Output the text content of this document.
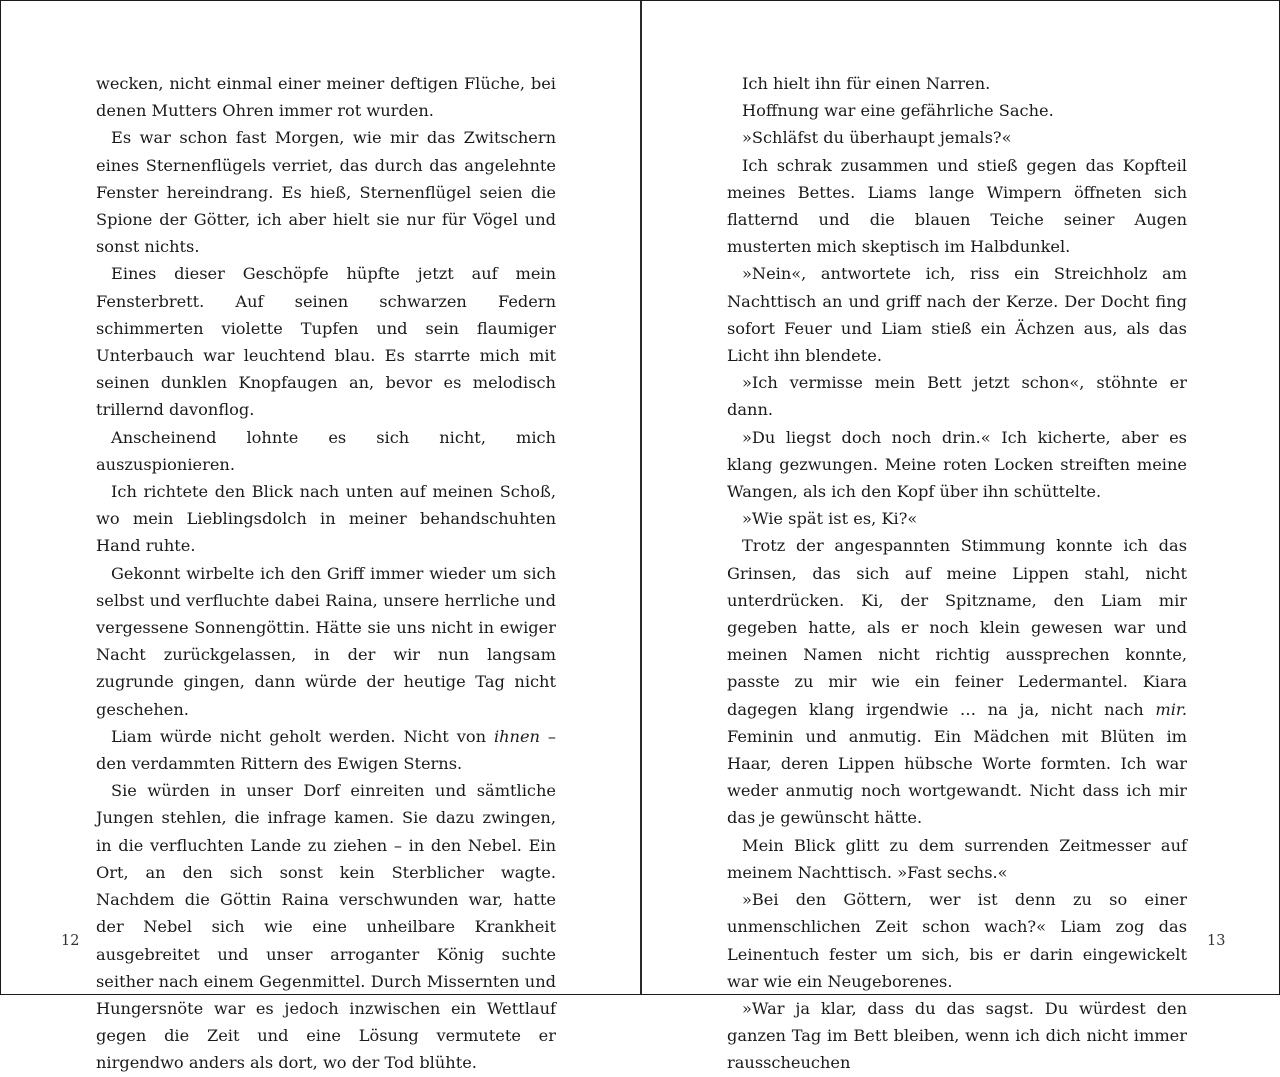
wecken, nicht einmal einer meiner deftigen Flüche, bei denen Mutters Ohren immer rot wurden.

Es war schon fast Morgen, wie mir das Zwitschern eines Sternenflügels verriet, das durch das angelehnte Fenster hereindrang. Es hieß, Sternenflügel seien die Spione der Götter, ich aber hielt sie nur für Vögel und sonst nichts.

Eines dieser Geschöpfe hüpfte jetzt auf mein Fensterbrett. Auf seinen schwarzen Federn schimmerten violette Tupfen und sein flaumiger Unterbauch war leuchtend blau. Es starrte mich mit seinen dunklen Knopfaugen an, bevor es melodisch trillernd davonflog.

Anscheinend lohnte es sich nicht, mich auszuspionieren.

Ich richtete den Blick nach unten auf meinen Schoß, wo mein Lieblingsdolch in meiner behandschuhten Hand ruhte.

Gekonnt wirbelte ich den Griff immer wieder um sich selbst und verfluchte dabei Raina, unsere herrliche und vergessene Sonnengöttin. Hätte sie uns nicht in ewiger Nacht zurückgelassen, in der wir nun langsam zugrunde gingen, dann würde der heutige Tag nicht geschehen.

Liam würde nicht geholt werden. Nicht von ihnen – den verdammten Rittern des Ewigen Sterns.

Sie würden in unser Dorf einreiten und sämtliche Jungen stehlen, die infrage kamen. Sie dazu zwingen, in die verfluchten Lande zu ziehen – in den Nebel. Ein Ort, an den sich sonst kein Sterblicher wagte. Nachdem die Göttin Raina verschwunden war, hatte der Nebel sich wie eine unheilbare Krankheit ausgebreitet und unser arroganter König suchte seither nach einem Gegenmittel. Durch Missernten und Hungersnöte war es jedoch inzwischen ein Wettlauf gegen die Zeit und eine Lösung vermutete er nirgendwo anders als dort, wo der Tod blühte.

12

Ich hielt ihn für einen Narren.

Hoffnung war eine gefährliche Sache.

»Schläfst du überhaupt jemals?«

Ich schrak zusammen und stieß gegen das Kopfteil meines Bettes. Liams lange Wimpern öffneten sich flatternd und die blauen Teiche seiner Augen musterten mich skeptisch im Halbdunkel.

»Nein«, antwortete ich, riss ein Streichholz am Nachttisch an und griff nach der Kerze. Der Docht fing sofort Feuer und Liam stieß ein Ächzen aus, als das Licht ihn blendete.

»Ich vermisse mein Bett jetzt schon«, stöhnte er dann.

»Du liegst doch noch drin.« Ich kicherte, aber es klang gezwungen. Meine roten Locken streiften meine Wangen, als ich den Kopf über ihn schüttelte.

»Wie spät ist es, Ki?«

Trotz der angespannten Stimmung konnte ich das Grinsen, das sich auf meine Lippen stahl, nicht unterdrücken. Ki, der Spitzname, den Liam mir gegeben hatte, als er noch klein gewesen war und meinen Namen nicht richtig aussprechen konnte, passte zu mir wie ein feiner Ledermantel. Kiara dagegen klang irgendwie … na ja, nicht nach mir. Feminin und anmutig. Ein Mädchen mit Blüten im Haar, deren Lippen hübsche Worte formten. Ich war weder anmutig noch wortgewandt. Nicht dass ich mir das je gewünscht hätte.

Mein Blick glitt zu dem surrenden Zeitmesser auf meinem Nachttisch. »Fast sechs.«

»Bei den Göttern, wer ist denn zu so einer unmenschlichen Zeit schon wach?« Liam zog das Leinentuch fester um sich, bis er darin eingewickelt war wie ein Neugeborenes.

»War ja klar, dass du das sagst. Du würdest den ganzen Tag im Bett bleiben, wenn ich dich nicht immer rausscheuchen

13
